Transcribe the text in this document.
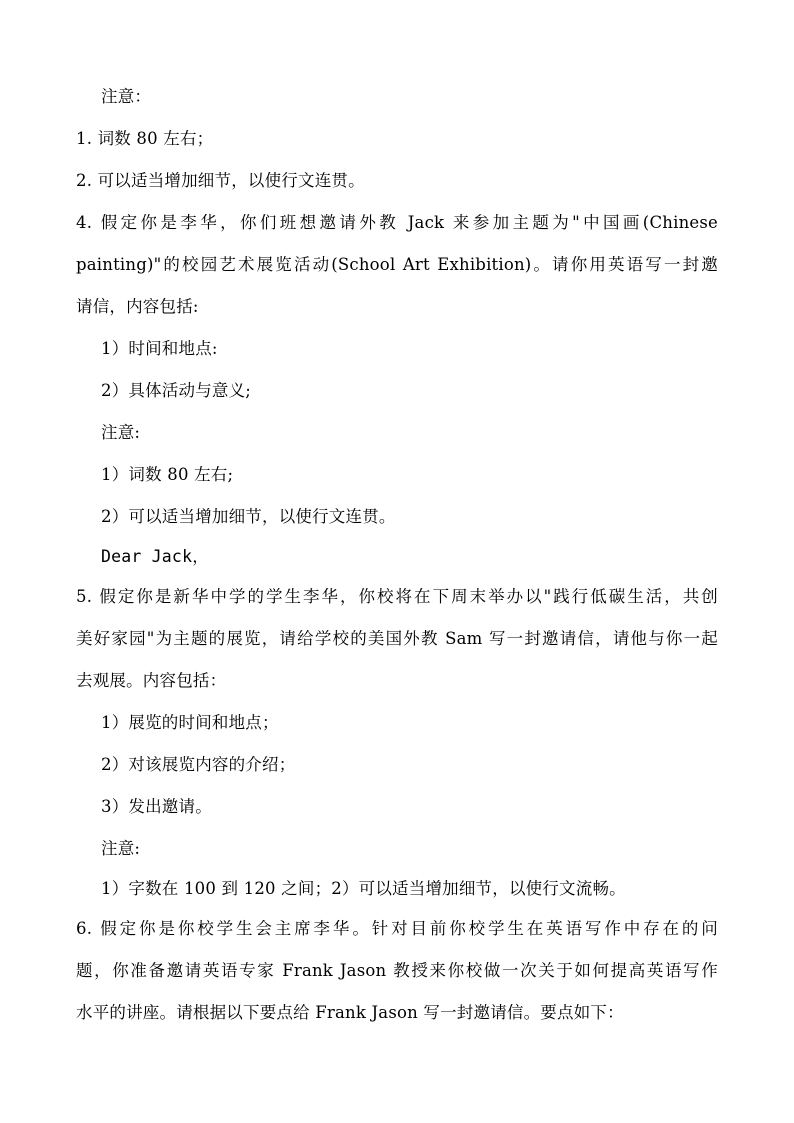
注意：
1. 词数 80 左右；
2. 可以适当增加细节，以使行文连贯。
4. 假定你是李华，你们班想邀请外教 Jack 来参加主题为"中国画(Chinese
painting)"的校园艺术展览活动(School Art Exhibition)。请你用英语写一封邀
请信，内容包括:
1）时间和地点:
2）具体活动与意义;
注意:
1）词数 80 左右;
2）可以适当增加细节，以使行文连贯。
Dear Jack，
5. 假定你是新华中学的学生李华，你校将在下周末举办以"践行低碳生活，共创
美好家园"为主题的展览，请给学校的美国外教 Sam 写一封邀请信，请他与你一起
去观展。内容包括：
1）展览的时间和地点；
2）对该展览内容的介绍；
3）发出邀请。
注意:
1）字数在 100 到 120 之间；2）可以适当增加细节，以使行文流畅。
6. 假定你是你校学生会主席李华。针对目前你校学生在英语写作中存在的问
题，你准备邀请英语专家 Frank Jason 教授来你校做一次关于如何提高英语写作
水平的讲座。请根据以下要点给 Frank Jason 写一封邀请信。要点如下：
